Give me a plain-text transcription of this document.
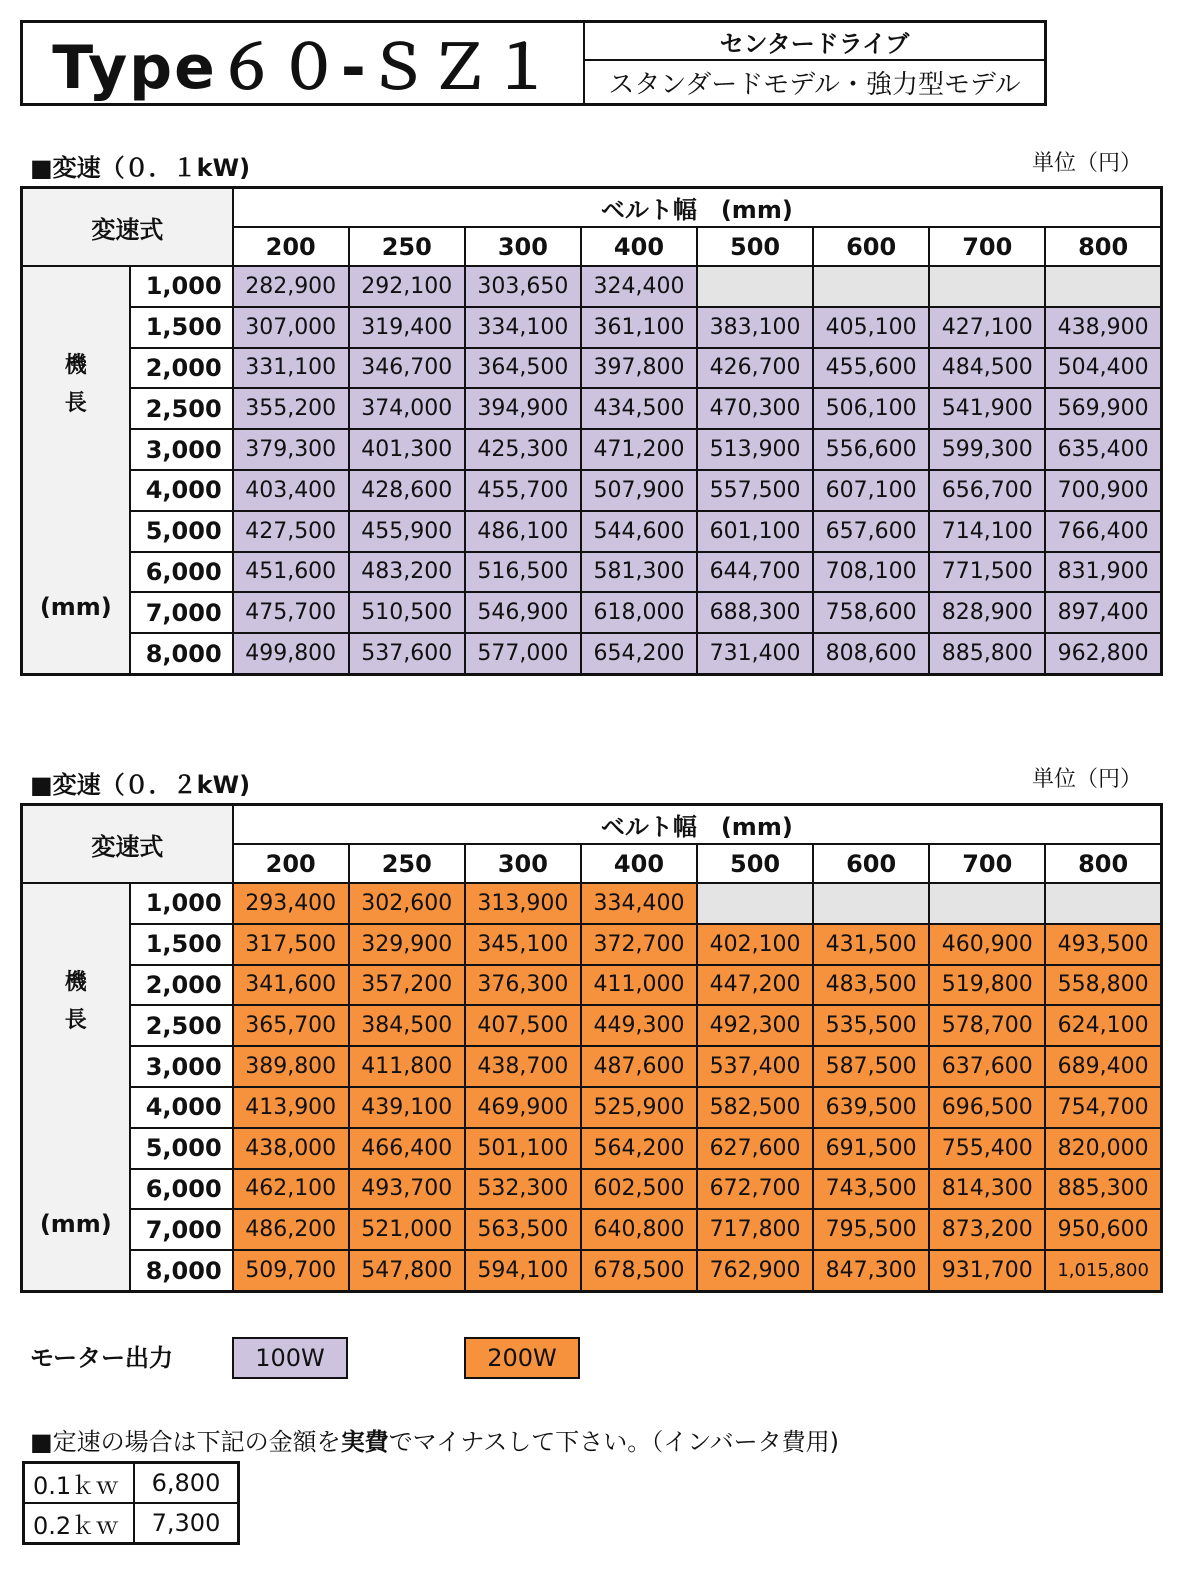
Type６０-ＳＺ１	センタードライブ
スタンダードモデル・強力型モデル
■変速（０．１kW)	単位（円）
変速式		ベルト幅　(mm)							
		200	250	300	400	500	600	700	800

機
長
(mm)	1,000	282,900	292,100	303,650	324,400				
	1,500	307,000	319,400	334,100	361,100	383,100	405,100	427,100	438,900
	2,000	331,100	346,700	364,500	397,800	426,700	455,600	484,500	504,400
	2,500	355,200	374,000	394,900	434,500	470,300	506,100	541,900	569,900
	3,000	379,300	401,300	425,300	471,200	513,900	556,600	599,300	635,400
	4,000	403,400	428,600	455,700	507,900	557,500	607,100	656,700	700,900
	5,000	427,500	455,900	486,100	544,600	601,100	657,600	714,100	766,400
	6,000	451,600	483,200	516,500	581,300	644,700	708,100	771,500	831,900
	7,000	475,700	510,500	546,900	618,000	688,300	758,600	828,900	897,400
	8,000	499,800	537,600	577,000	654,200	731,400	808,600	885,800	962,800
■変速（０．２kW)	単位（円）
変速式		ベルト幅　(mm)							
		200	250	300	400	500	600	700	800

機
長
(mm)	1,000	293,400	302,600	313,900	334,400				
	1,500	317,500	329,900	345,100	372,700	402,100	431,500	460,900	493,500
	2,000	341,600	357,200	376,300	411,000	447,200	483,500	519,800	558,800
	2,500	365,700	384,500	407,500	449,300	492,300	535,500	578,700	624,100
	3,000	389,800	411,800	438,700	487,600	537,400	587,500	637,600	689,400
	4,000	413,900	439,100	469,900	525,900	582,500	639,500	696,500	754,700
	5,000	438,000	466,400	501,100	564,200	627,600	691,500	755,400	820,000
	6,000	462,100	493,700	532,300	602,500	672,700	743,500	814,300	885,300
	7,000	486,200	521,000	563,500	640,800	717,800	795,500	873,200	950,600
	8,000	509,700	547,800	594,100	678,500	762,900	847,300	931,700	1,015,800
モーター出力	100W	200W
■定速の場合は下記の金額を実費でマイナスして下さい。（インバータ費用)
0.1ｋｗ	6,800
0.2ｋｗ	7,300
